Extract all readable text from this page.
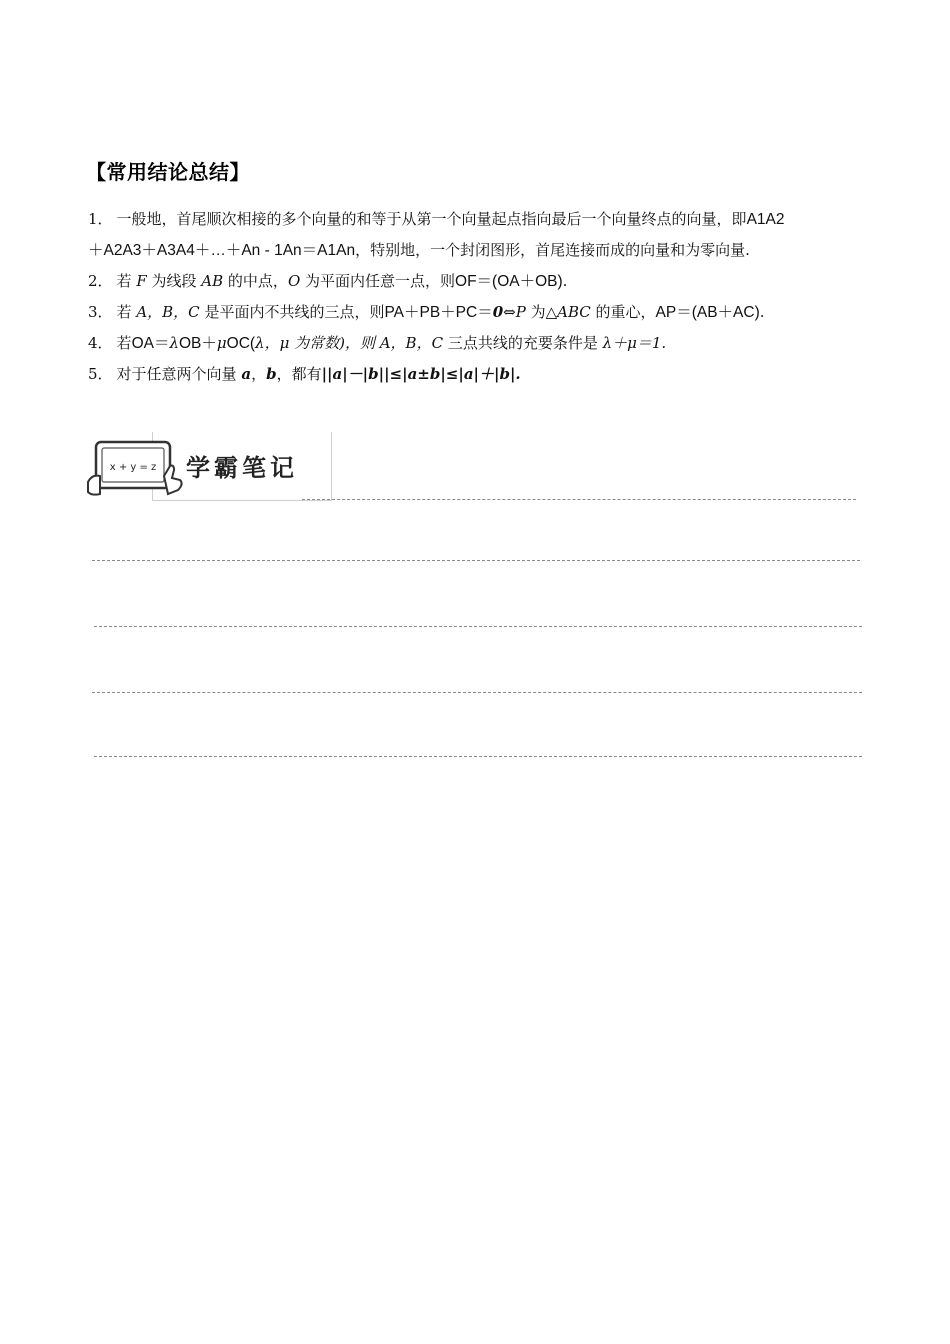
【常用结论总结】
1． 一般地，首尾顺次相接的多个向量的和等于从第一个向量起点指向最后一个向量终点的向量，即A1A2
＋A2A3＋A3A4＋…＋An - 1An＝A1An，特别地，一个封闭图形，首尾连接而成的向量和为零向量.
2． 若 F 为线段 AB 的中点，O 为平面内任意一点，则OF＝(OA＋OB).
3． 若 A，B，C 是平面内不共线的三点，则PA＋PB＋PC＝0⇔P 为△ABC 的重心，AP＝(AB＋AC).
4． 若OA＝λOB＋μOC(λ，μ 为常数)，则 A，B，C 三点共线的充要条件是 λ＋μ＝1.
5． 对于任意两个向量 a，b，都有||a|－|b||≤|a±b|≤|a|＋|b|.
x + y = z 学霸笔记
